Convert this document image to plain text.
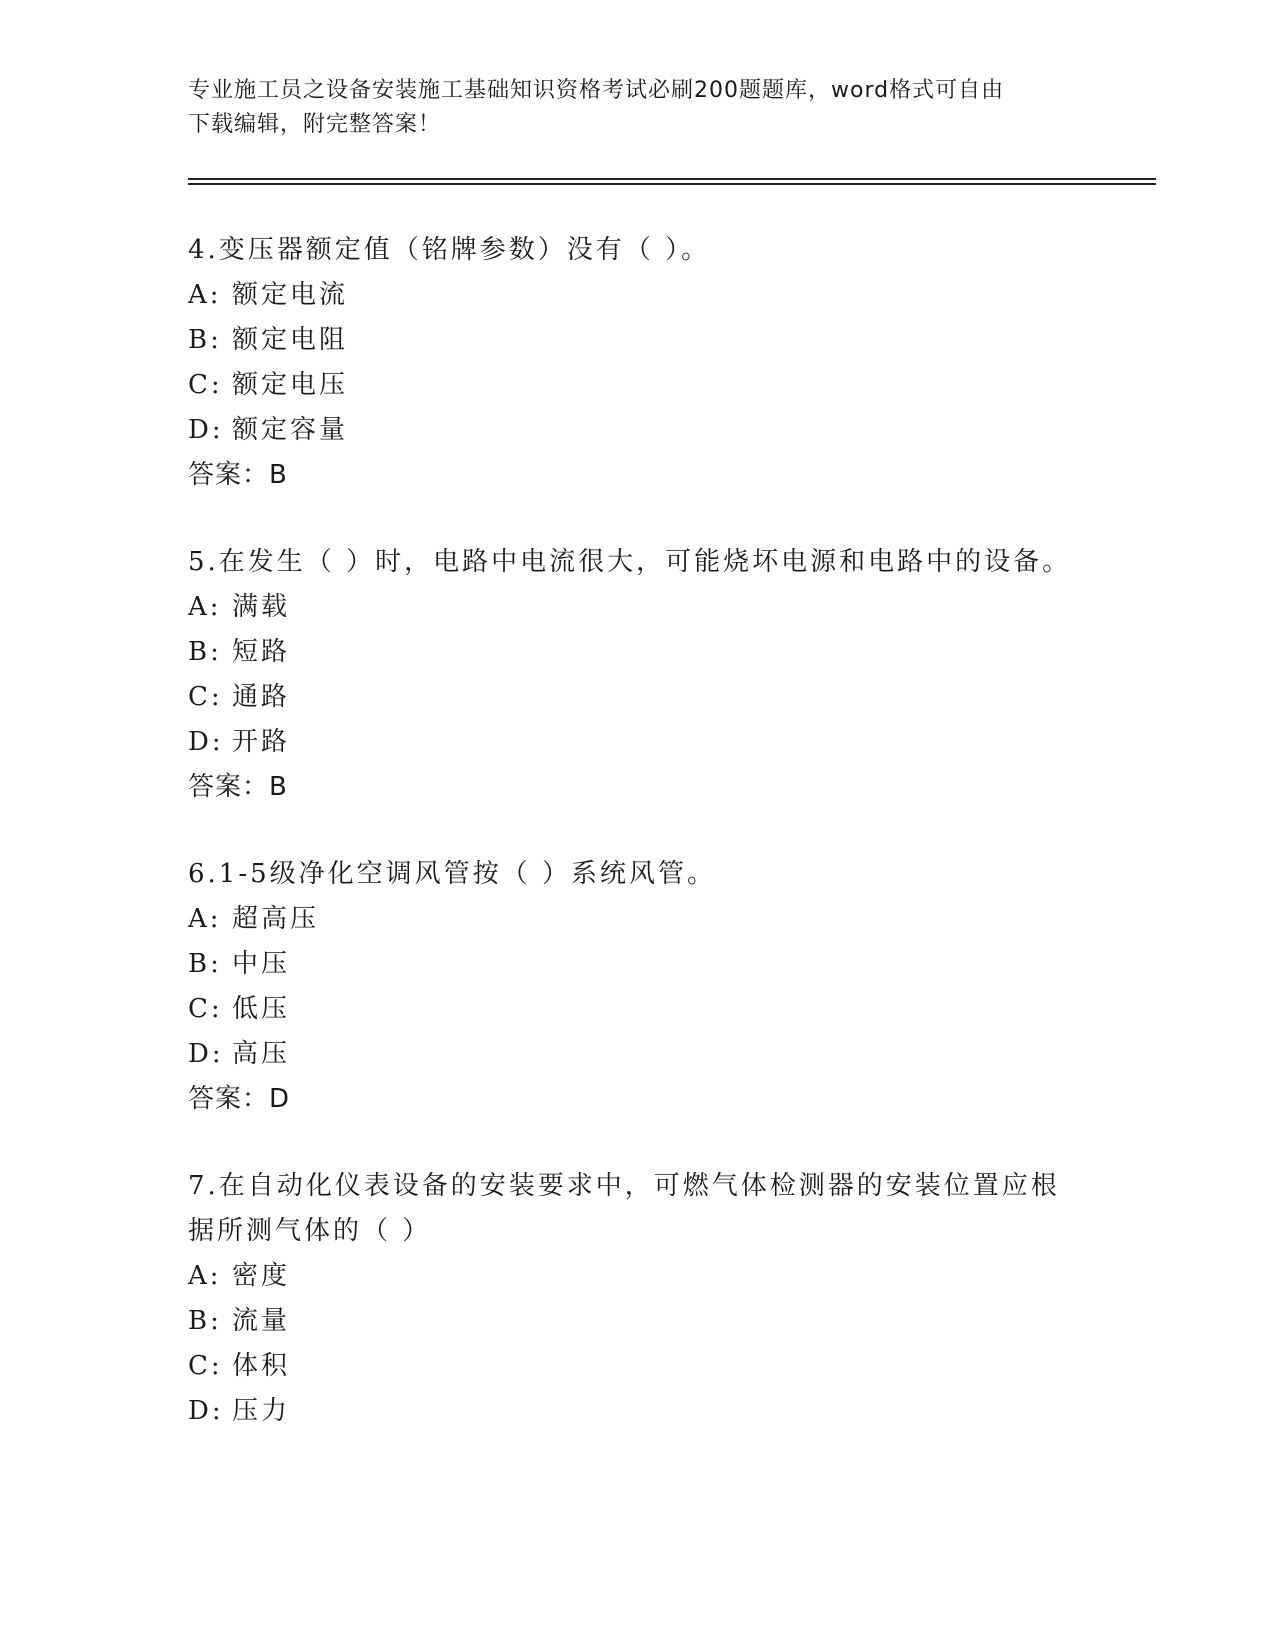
专业施工员之设备安装施工基础知识资格考试必刷200题题库，word格式可自由
下载编辑，附完整答案！
4.变压器额定值（铭牌参数）没有（ ）。
A: 额定电流
B: 额定电阻
C: 额定电压
D: 额定容量
答案：B
5.在发生（ ）时，电路中电流很大，可能烧坏电源和电路中的设备。
A: 满载
B: 短路
C: 通路
D: 开路
答案：B
6.1-5级净化空调风管按（ ）系统风管。
A: 超高压
B: 中压
C: 低压
D: 高压
答案：D
7.在自动化仪表设备的安装要求中，可燃气体检测器的安装位置应根
据所测气体的（ ）
A: 密度
B: 流量
C: 体积
D: 压力
